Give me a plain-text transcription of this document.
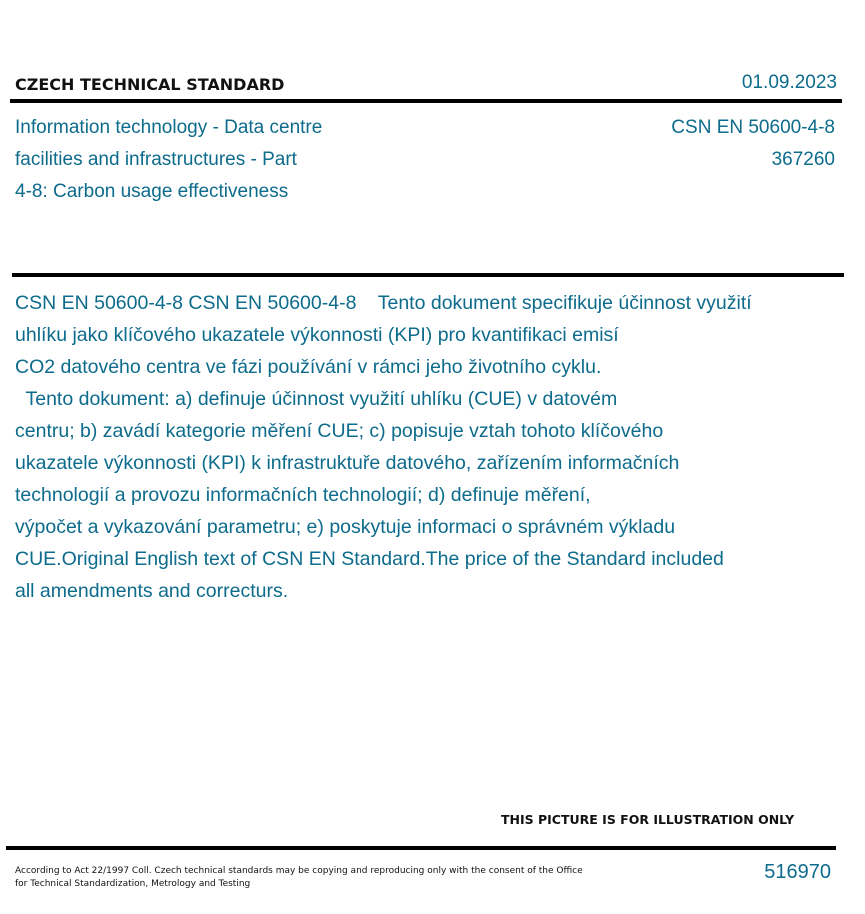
CZECH TECHNICAL STANDARD	01.09.2023
Information technology - Data centre
facilities and infrastructures - Part
4-8: Carbon usage effectiveness
CSN EN 50600-4-8
367260
CSN EN 50600-4-8 CSN EN 50600-4-8    Tento dokument specifikuje účinnost využití
uhlíku jako klíčového ukazatele výkonnosti (KPI) pro kvantifikaci emisí
CO2 datového centra ve fázi používání v rámci jeho životního cyklu.
Tento dokument: a) definuje účinnost využití uhlíku (CUE) v datovém
centru; b) zavádí kategorie měření CUE; c) popisuje vztah tohoto klíčového
ukazatele výkonnosti (KPI) k infrastruktuře datového, zařízením informačních
technologií a provozu informačních technologií; d) definuje měření,
výpočet a vykazování parametru; e) poskytuje informaci o správném výkladu
CUE.Original English text of CSN EN Standard.The price of the Standard included
all amendments and correcturs.
THIS PICTURE IS FOR ILLUSTRATION ONLY
According to Act 22/1997 Coll. Czech technical standards may be copying and reproducing only with the consent of the Office
for Technical Standardization, Metrology and Testing
516970
